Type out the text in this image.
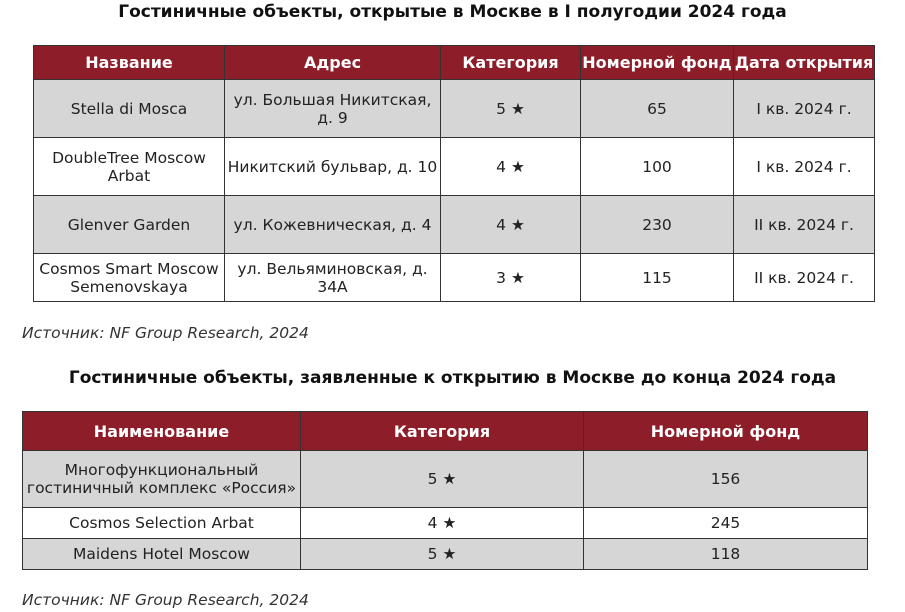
Гостиничные объекты, открытые в Москве в I полугодии 2024 года
Название	Адрес	Категория	Номерной фонд	Дата открытия
Stella di Mosca	ул. Большая Никитская, д. 9	5 ★	65	I кв. 2024 г.
DoubleTree Moscow Arbat	Никитский бульвар, д. 10	4 ★	100	I кв. 2024 г.
Glenver Garden	ул. Кожевническая, д. 4	4 ★	230	II кв. 2024 г.
Cosmos Smart Moscow Semenovskaya	ул. Вельяминовская, д. 34А	3 ★	115	II кв. 2024 г.
Источник: NF Group Research, 2024
Гостиничные объекты, заявленные к открытию в Москве до конца 2024 года
Наименование	Категория	Номерной фонд
Многофункциональный гостиничный комплекс «Россия»	5 ★	156
Cosmos Selection Arbat	4 ★	245
Maidens Hotel Moscow	5 ★	118
Источник: NF Group Research, 2024
